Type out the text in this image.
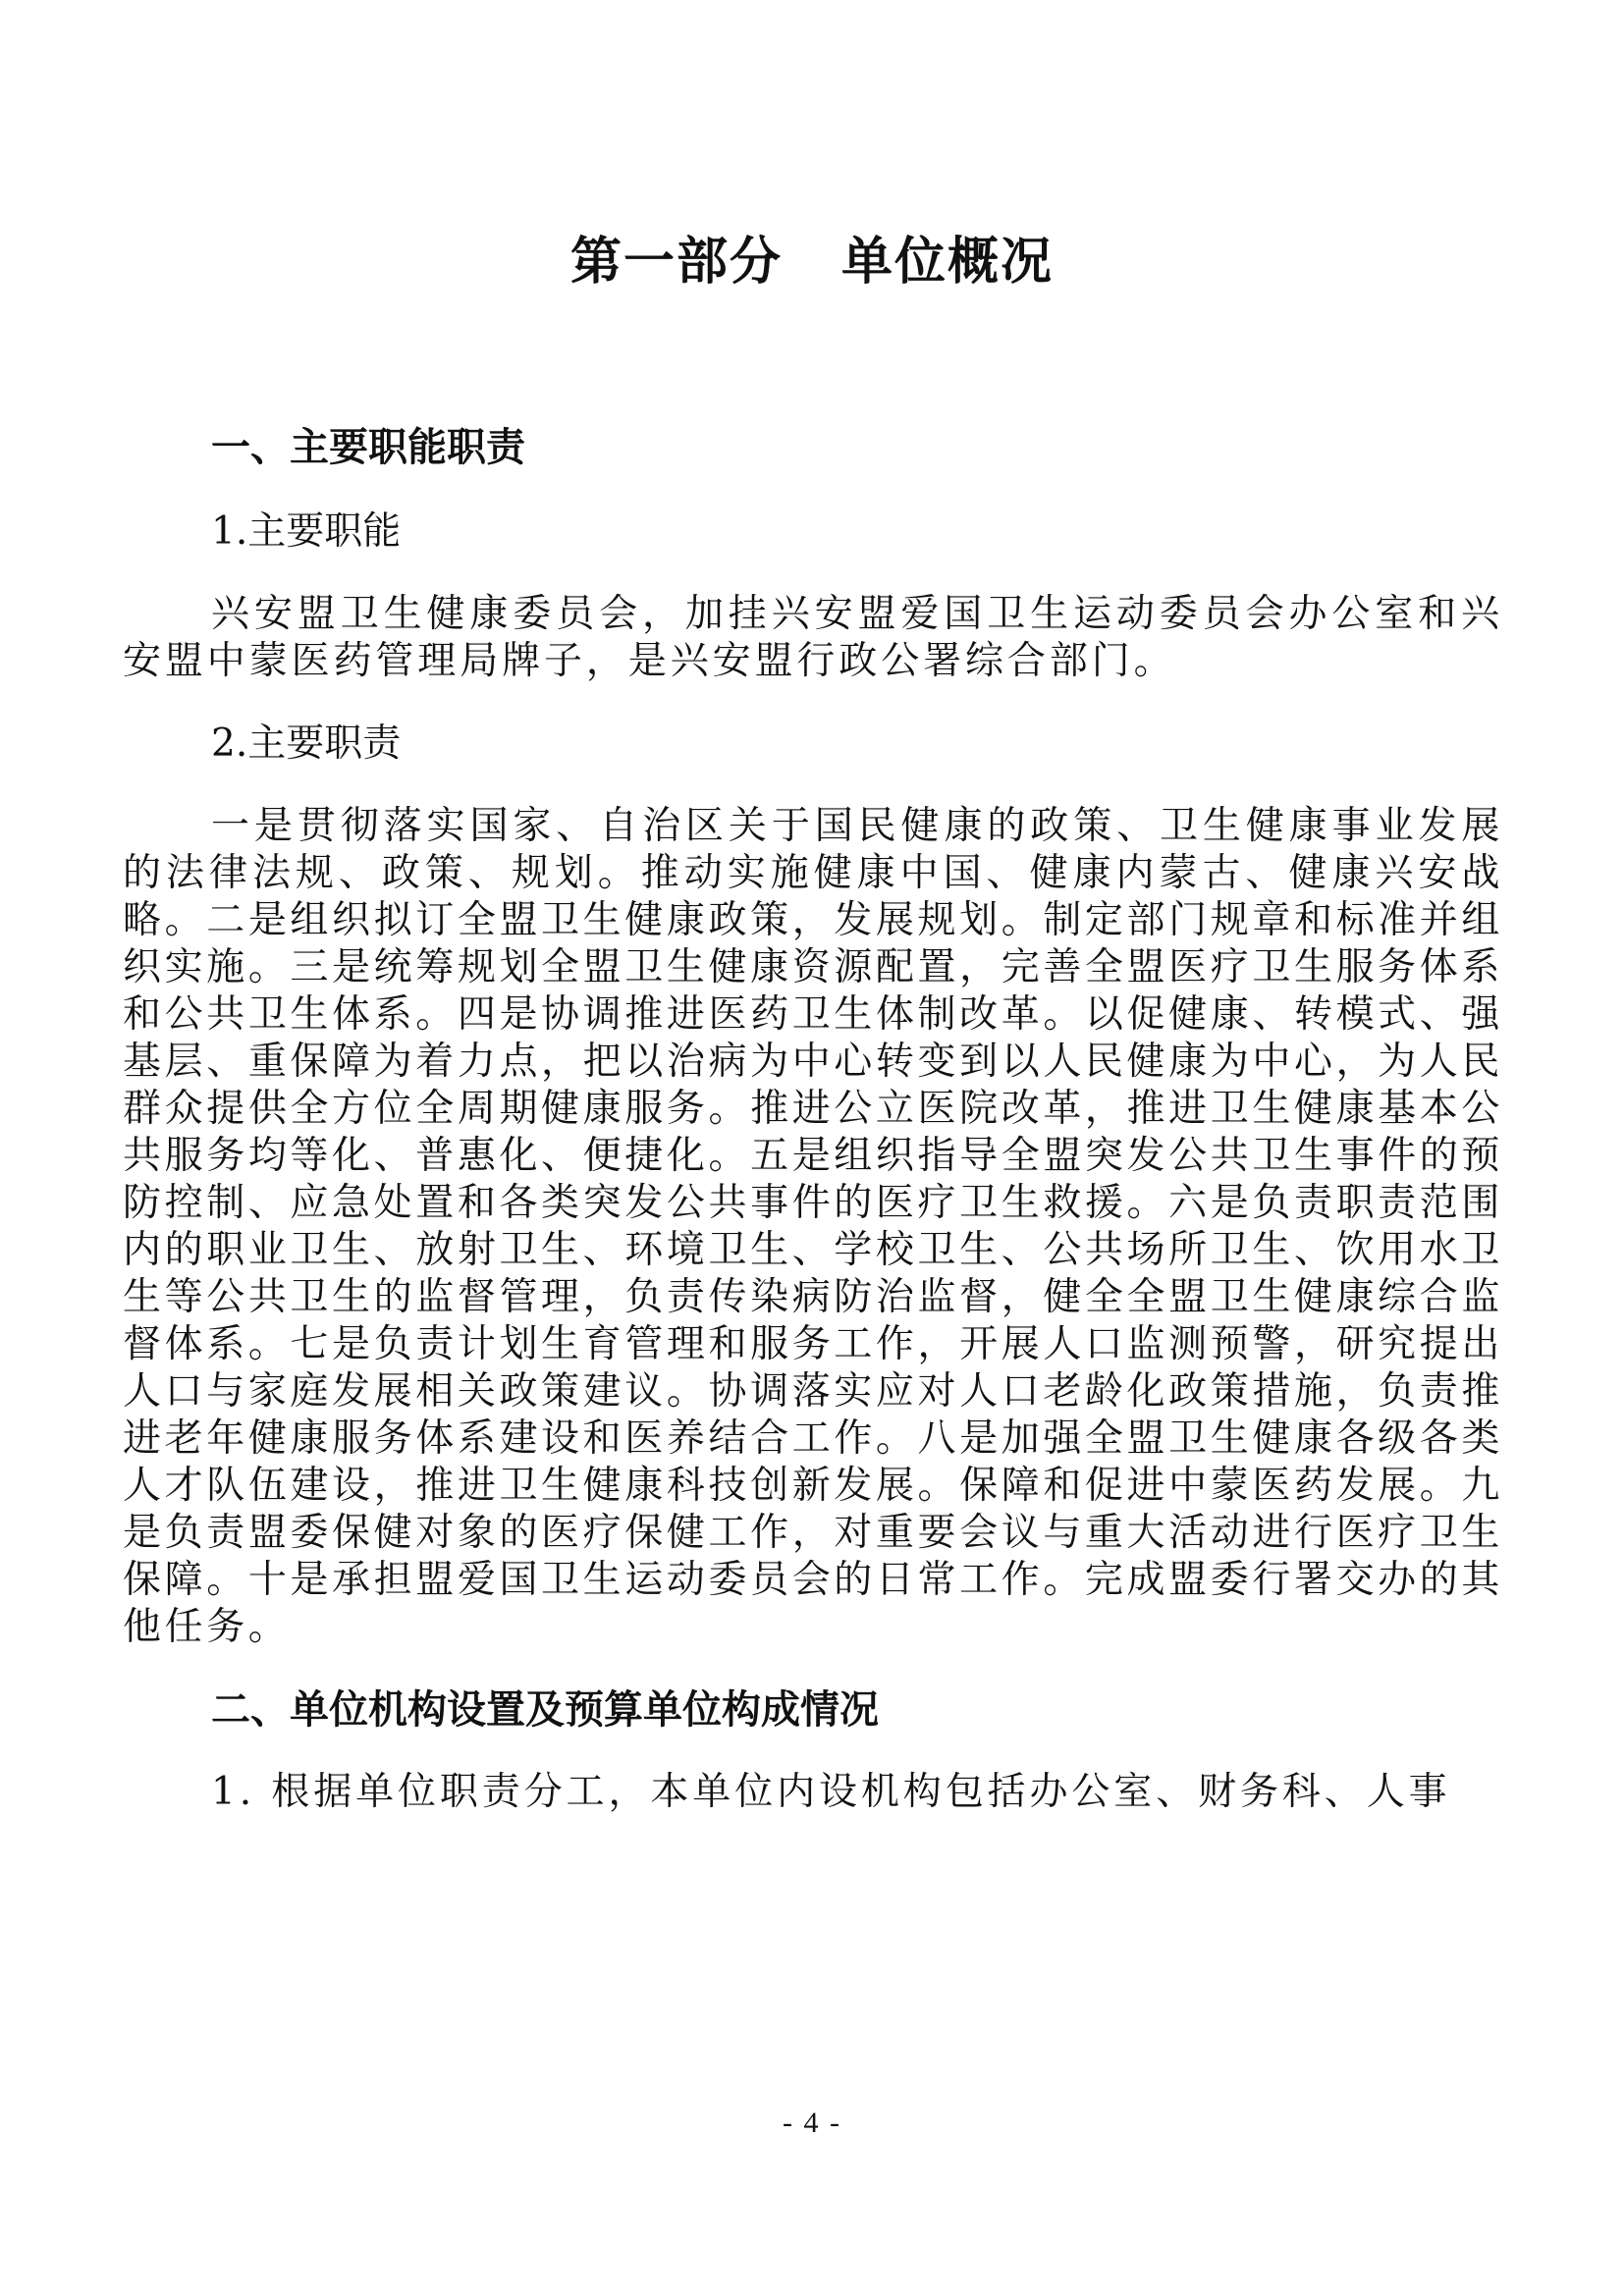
第一部分 单位概况
一、主要职能职责
1.主要职能

兴安盟卫生健康委员会，加挂兴安盟爱国卫生运动委员会办公室和兴安盟中蒙医药管理局牌子，是兴安盟行政公署综合部门。

2.主要职责

一是贯彻落实国家、自治区关于国民健康的政策、卫生健康事业发展的法律法规、政策、规划。推动实施健康中国、健康内蒙古、健康兴安战略。二是组织拟订全盟卫生健康政策，发展规划。制定部门规章和标准并组织实施。三是统筹规划全盟卫生健康资源配置，完善全盟医疗卫生服务体系和公共卫生体系。四是协调推进医药卫生体制改革。以促健康、转模式、强基层、重保障为着力点，把以治病为中心转变到以人民健康为中心，为人民群众提供全方位全周期健康服务。推进公立医院改革，推进卫生健康基本公共服务均等化、普惠化、便捷化。五是组织指导全盟突发公共卫生事件的预防控制、应急处置和各类突发公共事件的医疗卫生救援。六是负责职责范围内的职业卫生、放射卫生、环境卫生、学校卫生、公共场所卫生、饮用水卫生等公共卫生的监督管理，负责传染病防治监督，健全全盟卫生健康综合监督体系。七是负责计划生育管理和服务工作，开展人口监测预警，研究提出人口与家庭发展相关政策建议。协调落实应对人口老龄化政策措施，负责推进老年健康服务体系建设和医养结合工作。八是加强全盟卫生健康各级各类人才队伍建设，推进卫生健康科技创新发展。保障和促进中蒙医药发展。九是负责盟委保健对象的医疗保健工作，对重要会议与重大活动进行医疗卫生保障。十是承担盟爱国卫生运动委员会的日常工作。完成盟委行署交办的其他任务。

二、单位机构设置及预算单位构成情况

1. 根据单位职责分工，本单位内设机构包括办公室、财务科、人事

- 4 -
